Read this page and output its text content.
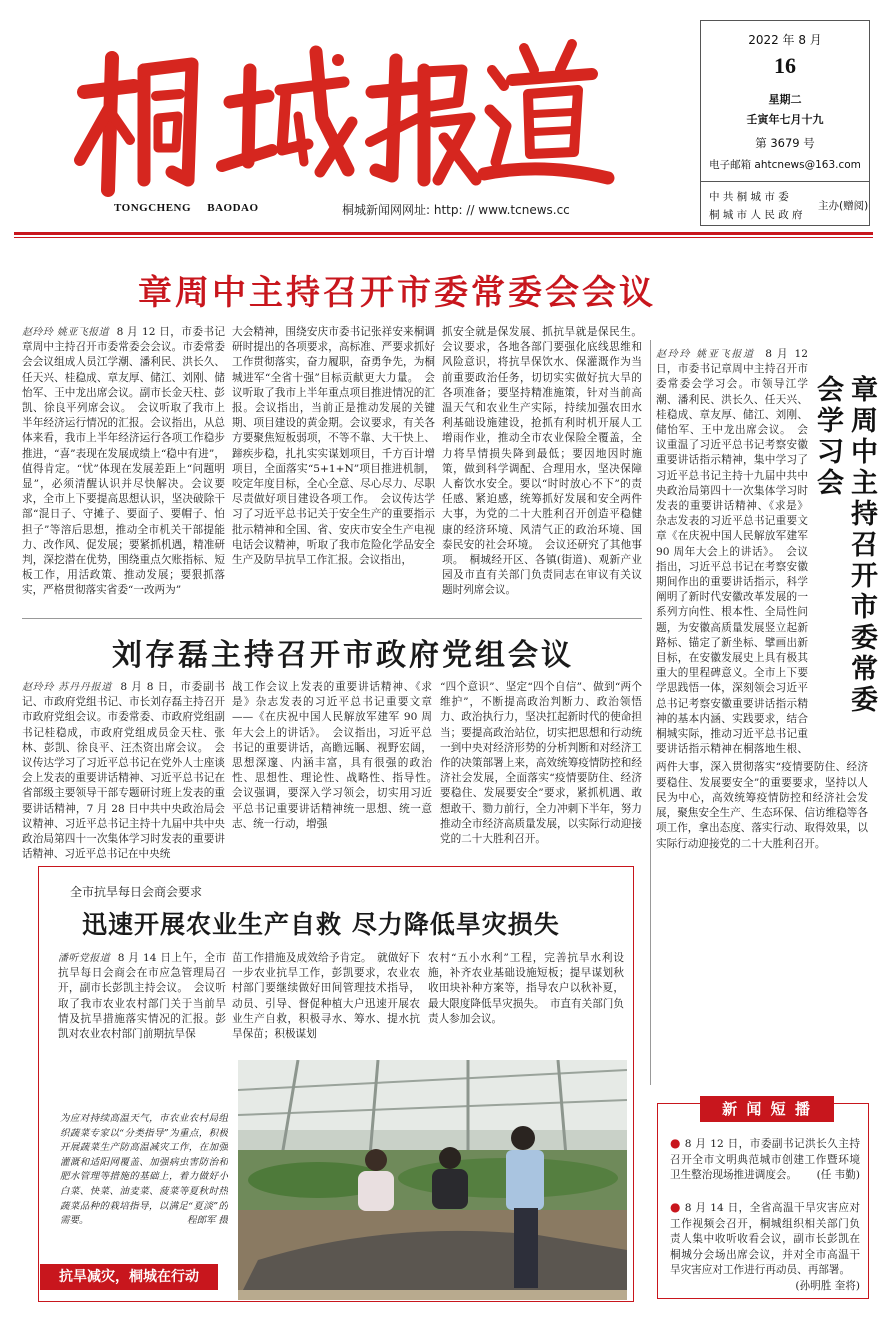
桐城报道
TONGCHENG BAODAO	桐城新闻网网址: http: // www.tcnews.cc
2022 年 8 月
16
星期二
壬寅年七月十九
第 3679 号
电子邮箱 ahtcnews@163.com
中 共 桐 城 市 委
桐 城 市 人 民 政 府
主办(赠阅)
章周中主持召开市委常委会会议
赵玲玲 姚亚飞报道 8 月 12 日，市委书记章周中主持召开市委常委会会议。市委常委会会议组成人员江学潮、潘利民、洪长久、任天兴、桂稳成、章友厚、储江、刘刚、储怡军、王中龙出席会议。副市长金天柱、彭凯、徐良平列席会议。　会议听取了我市上半年经济运行情况的汇报。会议指出，从总体来看，我市上半年经济运行各项工作稳步推进，“喜”表现在发展成绩上“稳中有进”，值得肯定。“忧”体现在发展差距上“问题明显”，必须清醒认识并尽快解决。会议要求，全市上下要提高思想认识，坚决破除干部“混日子、守摊子、要面子、要帽子、怕担子”等溶后思想，推动全市机关干部提能力、改作风、促发展；要紧抓机遇，精准研判，深挖潜在优势，围绕重点欠账指标、短板工作，用活政策、推动发展；要狠抓落实，严格贯彻落实省委“一改两为”
大会精神，围绕安庆市委书记张祥安来桐调研时提出的各项要求，高标准、严要求抓好工作贯彻落实，奋力履职，奋勇争先，为桐城进军“全省十强”目标贡献更大力量。　会议听取了我市上半年重点项目推进情况的汇报。会议指出，当前正是推动发展的关键期、项目建设的黄金期。会议要求，有关各方要聚焦短板弱项，不等不靠、大干快上、蹄疾步稳，扎扎实实谋划项目，千方百计增项目，全面落实“5+1+N”项目推进机制，咬定年度目标，全心全意、尽心尽力、尽职尽责做好项目建设各项工作。　会议传达学习了习近平总书记关于安全生产的重要指示批示精神和全国、省、安庆市安全生产电视电话会议精神，听取了我市危险化学品安全生产及防旱抗旱工作汇报。会议指出，
抓安全就是保发展、抓抗旱就是保民生。会议要求，各地各部门要强化底线思维和风险意识，将抗旱保饮水、保灌溉作为当前重要政治任务，切切实实做好抗大旱的各项准备；要坚持精准施策，针对当前高温天气和农业生产实际，持续加强农田水利基础设施建设，抢抓有利时机开展人工增雨作业，推动全市农业保险全覆盖，全力将旱情损失降到最低；要因地因时施策，做到科学调配、合理用水，坚决保障人畜饮水安全。要以“时时放心不下”的责任感、紧迫感，统筹抓好发展和安全两件大事，为党的二十大胜利召开创造平稳健康的经济环境、风清气正的政治环境、国泰民安的社会环境。　会议还研究了其他事项。　桐城经开区、各镇(街道)、观新产业园及市直有关部门负责同志在审议有关议题时列席会议。
刘存磊主持召开市政府党组会议
赵玲玲 苏丹丹报道 8 月 8 日，市委副书记、市政府党组书记、市长刘存磊主持召开市政府党组会议。市委常委、市政府党组副书记桂稳成，市政府党组成员金天柱、张林、彭凯、徐良平、汪杰资出席会议。　会议传达学习了习近平总书记在党外人士座谈会上发表的重要讲话精神、习近平总书记在省部级主要领导干部专题研讨班上发表的重要讲话精神，7 月 28 日中共中央政治局会议精神、习近平总书记主持十九届中共中央政治局第四十一次集体学习时发表的重要讲话精神、习近平总书记在中央统
战工作会议上发表的重要讲话精神、《求是》杂志发表的习近平总书记重要文章——《在庆祝中国人民解放军建军 90 周年大会上的讲话》。　会议指出，习近平总书记的重要讲话，高瞻远瞩、视野宏阔，思想深邃、内涵丰富，具有很强的政治性、思想性、理论性、战略性、指导性。　会议强调，要深入学习领会，切实用习近平总书记重要讲话精神统一思想、统一意志、统一行动，增强
“四个意识”、坚定“四个自信”、做到“两个维护”，不断提高政治判断力、政治领悟力、政治执行力，坚决扛起新时代的使命担当；要提高政治站位，切实把思想和行动统一到中央对经济形势的分析判断和对经济工作的决策部署上来，高效统筹疫情防控和经济社会发展，全面落实“疫情要防住、经济要稳住、发展要安全”要求，紧抓机遇、敢想敢干、勠力前行，全力冲刺下半年，努力推动全市经济高质量发展，以实际行动迎接党的二十大胜利召开。
赵玲玲 姚亚飞报道 8 月 12 日，市委书记章周中主持召开市委常委会学习会。市领导江学潮、潘利民、洪长久、任天兴、桂稳成、章友厚、储江、刘刚、储怡军、王中龙出席会议。　会议重温了习近平总书记考察安徽重要讲话指示精神，集中学习了习近平总书记主持十九届中共中央政治局第四十一次集体学习时发表的重要讲话精神、《求是》杂志发表的习近平总书记重要文章《在庆祝中国人民解放军建军 90 周年大会上的讲话》。　会议指出，习近平总书记在考察安徽期间作出的重要讲话指示，科学阐明了新时代安徽改革发展的一系列方向性、根本性、全局性问题，为安徽高质量发展竖立起新路标、锚定了新坐标、擘画出新目标，在安徽发展史上具有极其重大的里程碑意义。全市上下要学思践悟一体，深刻领会习近平总书记考察安徽重要讲话指示精神的基本内涵、实践要求，结合桐城实际，推动习近平总书记重要讲话指示精神在桐落地生根、　
章周中主持召开市委常委会学习会
　 　　两件大事，深入贯彻落实“疫情要防住、经济要稳住、发展要安全”的重要要求，坚持以人民为中心，高效统筹疫情防控和经济社会发展，聚焦安全生产、生态环保、信访维稳等各项工作，拿出态度、落实行动、取得效果，以实际行动迎接党的二十大胜利召开。
全市抗旱每日会商会要求
迅速开展农业生产自救 尽力降低旱灾损失
潘听党报道 8 月 14 日上午，全市抗旱每日会商会在市应急管理局召开，副市长彭凯主持会议。　会议听取了我市农业农村部门关于当前旱情及抗旱措施落实情况的汇报。彭凯对农业农村部门前期抗旱保
苗工作措施及成效给予肯定。　就做好下一步农业抗旱工作，彭凯要求，农业农村部门要继续做好田间管理技术指导，动员、引导、督促种植大户迅速开展农业生产自救，积极寻水、筹水、提水抗旱保苗；积极谋划
农村“五小水利”工程，完善抗旱水利设施，补齐农业基础设施短板；提早谋划秋收田块补种方案等，指导农户以秋补夏，最大限度降低旱灾损失。　市直有关部门负责人参加会议。
为应对持续高温天气，市农业农村局组织蔬菜专家以“分类指导”为重点，积极开展蔬菜生产防高温减灾工作，在加强灌溉和适阳网覆盖、加强病虫害防治和肥水管理等措施的基础上，着力做好小白菜、快菜、油麦菜、菠菜等夏秋时热蔬菜品种的栽培指导，以满足“夏淡”的需要。	程郎军 摄
抗旱减灾，桐城在行动
新 闻 短 播
● 8 月 12 日，市委副书记洪长久主持召开全市文明典范城市创建工作暨环境卫生整治现场推进调度会。 (任 韦勤)
● 8 月 14 日，全省高温干旱灾害应对工作视频会召开，桐城组织相关部门负责人集中收听收看会议，副市长彭凯在桐城分会场出席会议，并对全市高温干旱灾害应对工作进行再动员、再部署。
(孙明胜 奎将)
